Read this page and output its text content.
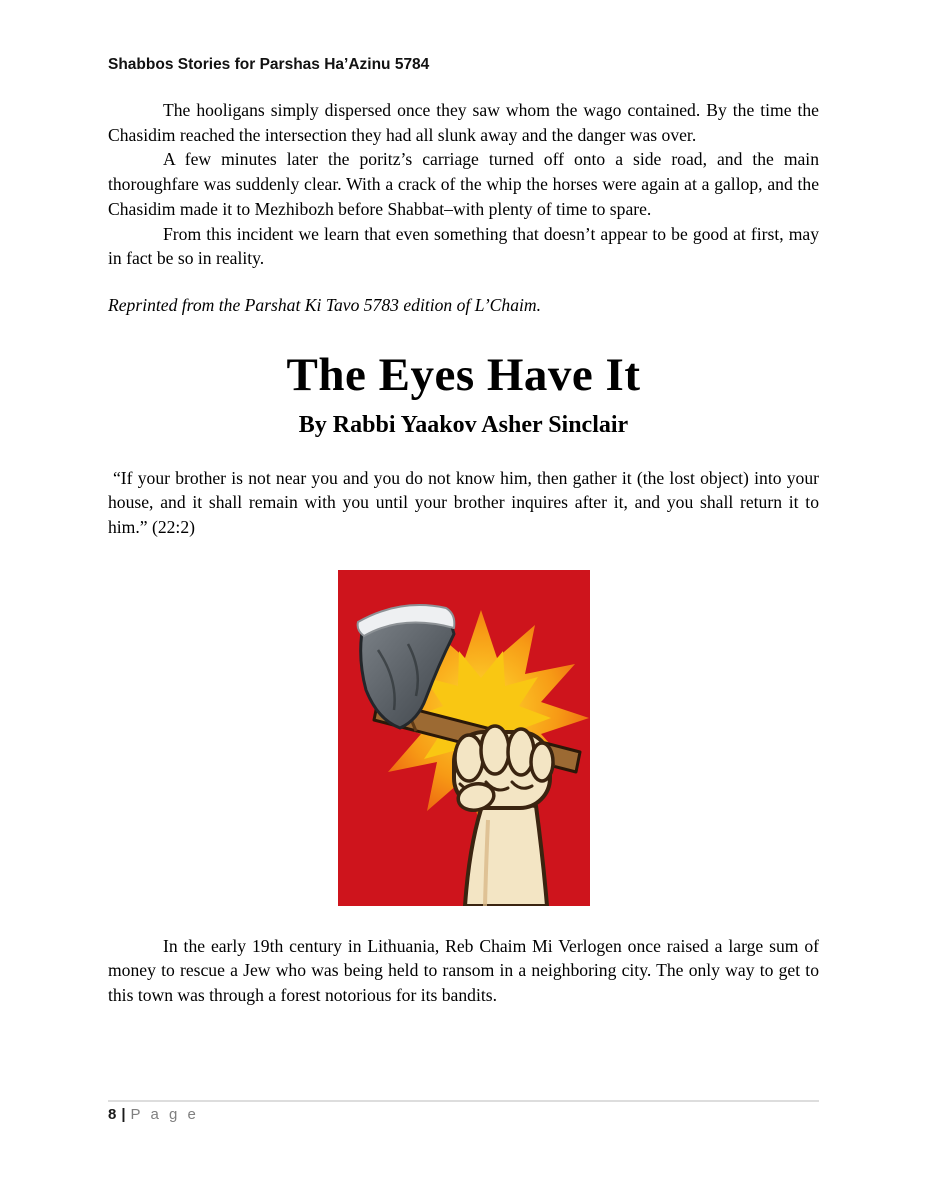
Shabbos Stories for Parshas Ha’Azinu 5784

The hooligans simply dispersed once they saw whom the wago contained. By the time the Chasidim reached the intersection they had all slunk away and the danger was over.

A few minutes later the poritz’s carriage turned off onto a side road, and the main thoroughfare was suddenly clear. With a crack of the whip the horses were again at a gallop, and the Chasidim made it to Mezhibozh before Shabbat–with plenty of time to spare.

From this incident we learn that even something that doesn’t appear to be good at first, may in fact be so in reality.

Reprinted from the Parshat Ki Tavo 5783 edition of L’Chaim.

The Eyes Have It
By Rabbi Yaakov Asher Sinclair

“If your brother is not near you and you do not know him, then gather it (the lost object) into your house, and it shall remain with you until your brother inquires after it, and you shall return it to him.” (22:2)

In the early 19th century in Lithuania, Reb Chaim Mi Verlogen once raised a large sum of money to rescue a Jew who was being held to ransom in a neighboring city. The only way to get to this town was through a forest notorious for its bandits.

8 | P a g e
